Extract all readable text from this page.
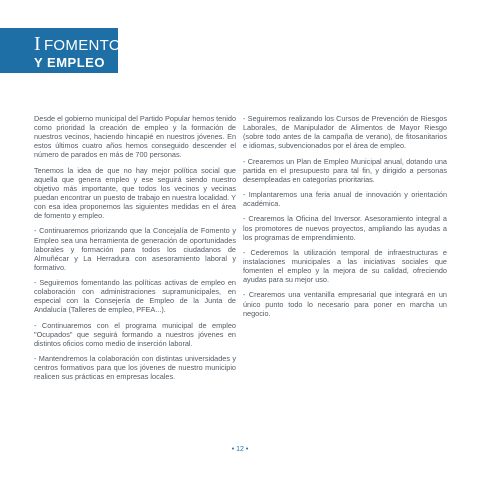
I FOMENTO
Y EMPLEO

Desde el gobierno municipal del Partido Popular hemos tenido como prioridad la creación de empleo y la formación de nuestros vecinos, haciendo hincapié en nuestros jóvenes. En estos últimos cuatro años hemos conseguido descender el número de parados en más de 700 personas.

Tenemos la idea de que no hay mejor política social que aquella que genera empleo y ese seguirá siendo nuestro objetivo más importante, que todos los vecinos y vecinas puedan encontrar un puesto de trabajo en nuestra localidad. Y con esa idea proponemos las siguientes medidas en el área de fomento y empleo.

- Continuaremos priorizando que la Concejalía de Fomento y Empleo sea una herramienta de generación de oportunidades laborales y formación para todos los ciudadanos de Almuñécar y La Herradura con asesoramiento laboral y formativo.

- Seguiremos fomentando las políticas activas de empleo en colaboración con administraciones supramunicipales, en especial con la Consejería de Empleo de la Junta de Andalucía (Talleres de empleo, PFEA...).

- Continuaremos con el programa municipal de empleo "Ocupados" que seguirá formando a nuestros jóvenes en distintos oficios como medio de inserción laboral.

- Mantendremos la colaboración con distintas universidades y centros formativos para que los jóvenes de nuestro municipio realicen sus prácticas en empresas locales.

- Seguiremos realizando los Cursos de Prevención de Riesgos Laborales, de Manipulador de Alimentos de Mayor Riesgo (sobre todo antes de la campaña de verano), de fitosanitarios e idiomas, subvencionados por el área de empleo.

- Crearemos un Plan de Empleo Municipal anual, dotando una partida en el presupuesto para tal fin, y dirigido a personas desempleadas en categorías prioritarias.

- Implantaremos una feria anual de innovación y orientación académica.

- Crearemos la Oficina del Inversor. Asesoramiento integral a los promotores de nuevos proyectos, ampliando las ayudas a los programas de emprendimiento.

- Cederemos la utilización temporal de infraestructuras e instalaciones municipales a las iniciativas sociales que fomenten el empleo y la mejora de su calidad, ofreciendo ayudas para su mejor uso.

- Crearemos una ventanilla empresarial que integrará en un único punto todo lo necesario para poner en marcha un negocio.

• 12 •
